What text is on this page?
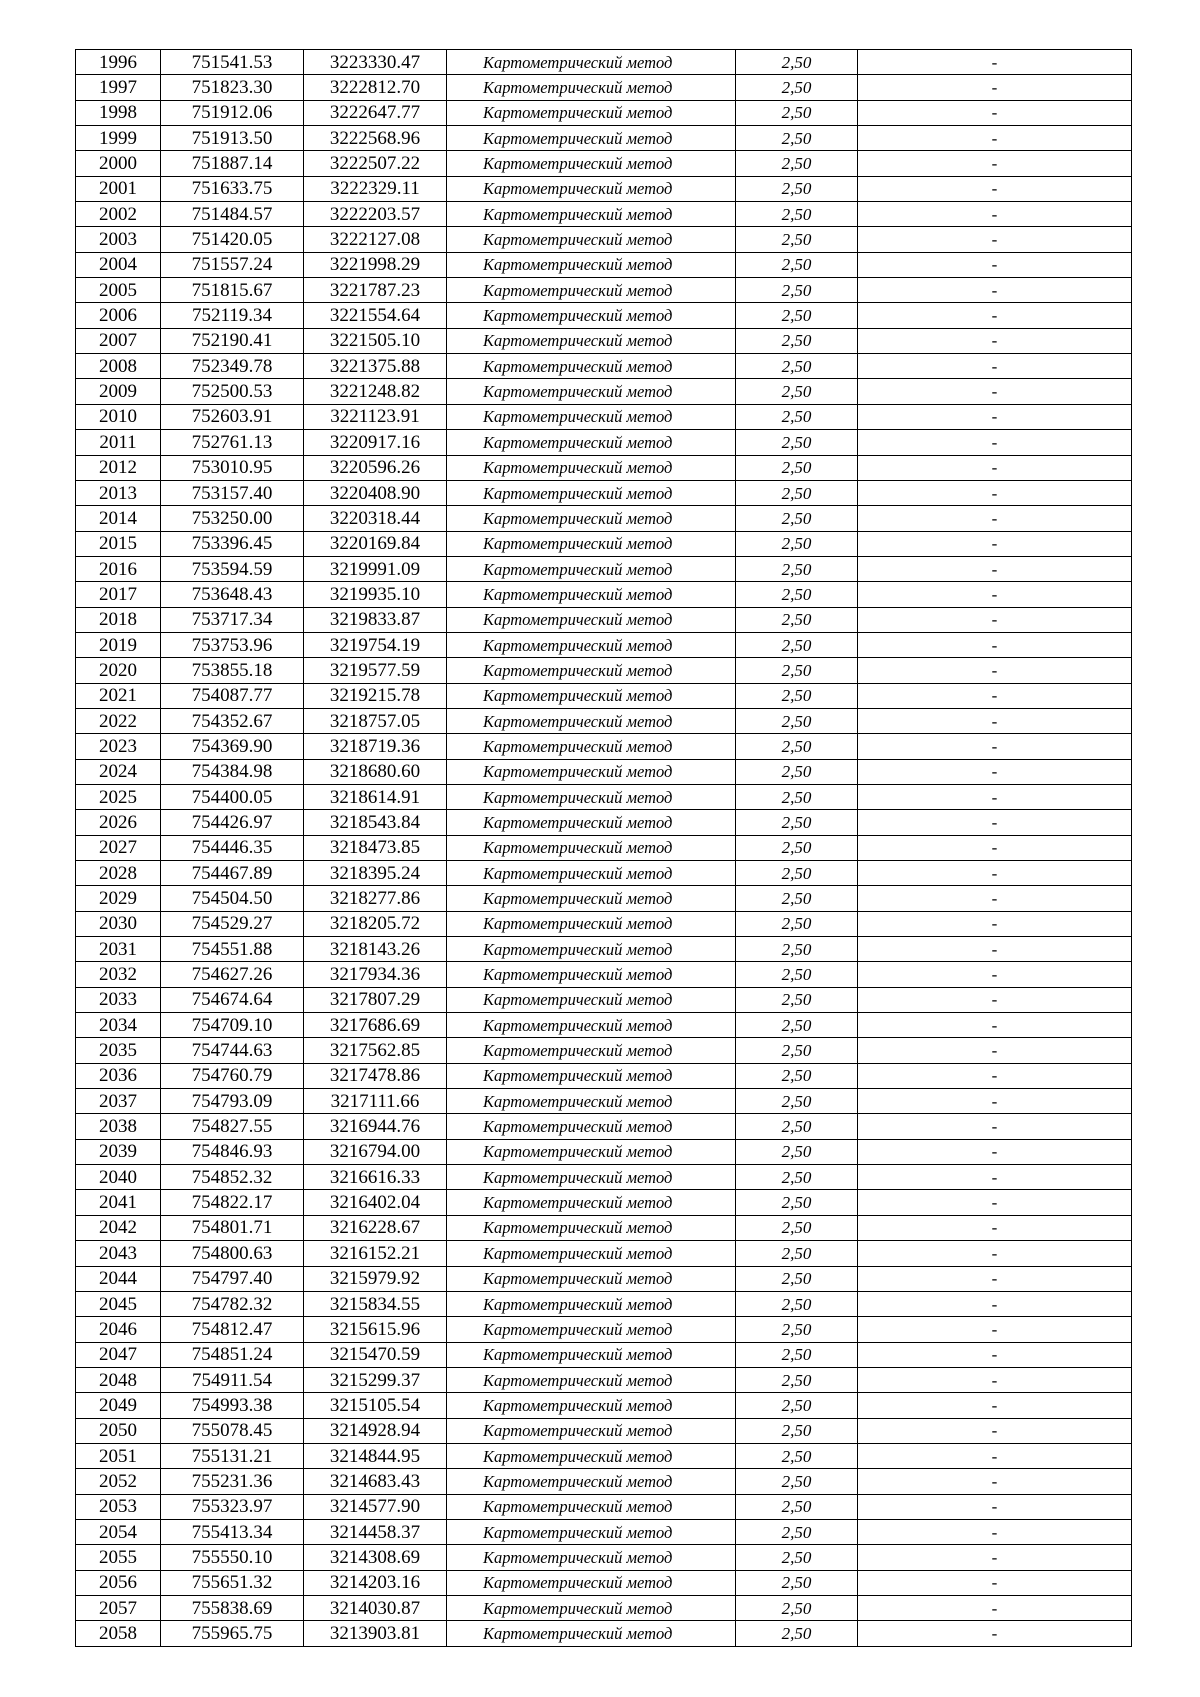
1996	751541.53	3223330.47	Картометрический метод	2,50	-
1997	751823.30	3222812.70	Картометрический метод	2,50	-
1998	751912.06	3222647.77	Картометрический метод	2,50	-
1999	751913.50	3222568.96	Картометрический метод	2,50	-
2000	751887.14	3222507.22	Картометрический метод	2,50	-
2001	751633.75	3222329.11	Картометрический метод	2,50	-
2002	751484.57	3222203.57	Картометрический метод	2,50	-
2003	751420.05	3222127.08	Картометрический метод	2,50	-
2004	751557.24	3221998.29	Картометрический метод	2,50	-
2005	751815.67	3221787.23	Картометрический метод	2,50	-
2006	752119.34	3221554.64	Картометрический метод	2,50	-
2007	752190.41	3221505.10	Картометрический метод	2,50	-
2008	752349.78	3221375.88	Картометрический метод	2,50	-
2009	752500.53	3221248.82	Картометрический метод	2,50	-
2010	752603.91	3221123.91	Картометрический метод	2,50	-
2011	752761.13	3220917.16	Картометрический метод	2,50	-
2012	753010.95	3220596.26	Картометрический метод	2,50	-
2013	753157.40	3220408.90	Картометрический метод	2,50	-
2014	753250.00	3220318.44	Картометрический метод	2,50	-
2015	753396.45	3220169.84	Картометрический метод	2,50	-
2016	753594.59	3219991.09	Картометрический метод	2,50	-
2017	753648.43	3219935.10	Картометрический метод	2,50	-
2018	753717.34	3219833.87	Картометрический метод	2,50	-
2019	753753.96	3219754.19	Картометрический метод	2,50	-
2020	753855.18	3219577.59	Картометрический метод	2,50	-
2021	754087.77	3219215.78	Картометрический метод	2,50	-
2022	754352.67	3218757.05	Картометрический метод	2,50	-
2023	754369.90	3218719.36	Картометрический метод	2,50	-
2024	754384.98	3218680.60	Картометрический метод	2,50	-
2025	754400.05	3218614.91	Картометрический метод	2,50	-
2026	754426.97	3218543.84	Картометрический метод	2,50	-
2027	754446.35	3218473.85	Картометрический метод	2,50	-
2028	754467.89	3218395.24	Картометрический метод	2,50	-
2029	754504.50	3218277.86	Картометрический метод	2,50	-
2030	754529.27	3218205.72	Картометрический метод	2,50	-
2031	754551.88	3218143.26	Картометрический метод	2,50	-
2032	754627.26	3217934.36	Картометрический метод	2,50	-
2033	754674.64	3217807.29	Картометрический метод	2,50	-
2034	754709.10	3217686.69	Картометрический метод	2,50	-
2035	754744.63	3217562.85	Картометрический метод	2,50	-
2036	754760.79	3217478.86	Картометрический метод	2,50	-
2037	754793.09	3217111.66	Картометрический метод	2,50	-
2038	754827.55	3216944.76	Картометрический метод	2,50	-
2039	754846.93	3216794.00	Картометрический метод	2,50	-
2040	754852.32	3216616.33	Картометрический метод	2,50	-
2041	754822.17	3216402.04	Картометрический метод	2,50	-
2042	754801.71	3216228.67	Картометрический метод	2,50	-
2043	754800.63	3216152.21	Картометрический метод	2,50	-
2044	754797.40	3215979.92	Картометрический метод	2,50	-
2045	754782.32	3215834.55	Картометрический метод	2,50	-
2046	754812.47	3215615.96	Картометрический метод	2,50	-
2047	754851.24	3215470.59	Картометрический метод	2,50	-
2048	754911.54	3215299.37	Картометрический метод	2,50	-
2049	754993.38	3215105.54	Картометрический метод	2,50	-
2050	755078.45	3214928.94	Картометрический метод	2,50	-
2051	755131.21	3214844.95	Картометрический метод	2,50	-
2052	755231.36	3214683.43	Картометрический метод	2,50	-
2053	755323.97	3214577.90	Картометрический метод	2,50	-
2054	755413.34	3214458.37	Картометрический метод	2,50	-
2055	755550.10	3214308.69	Картометрический метод	2,50	-
2056	755651.32	3214203.16	Картометрический метод	2,50	-
2057	755838.69	3214030.87	Картометрический метод	2,50	-
2058	755965.75	3213903.81	Картометрический метод	2,50	-
